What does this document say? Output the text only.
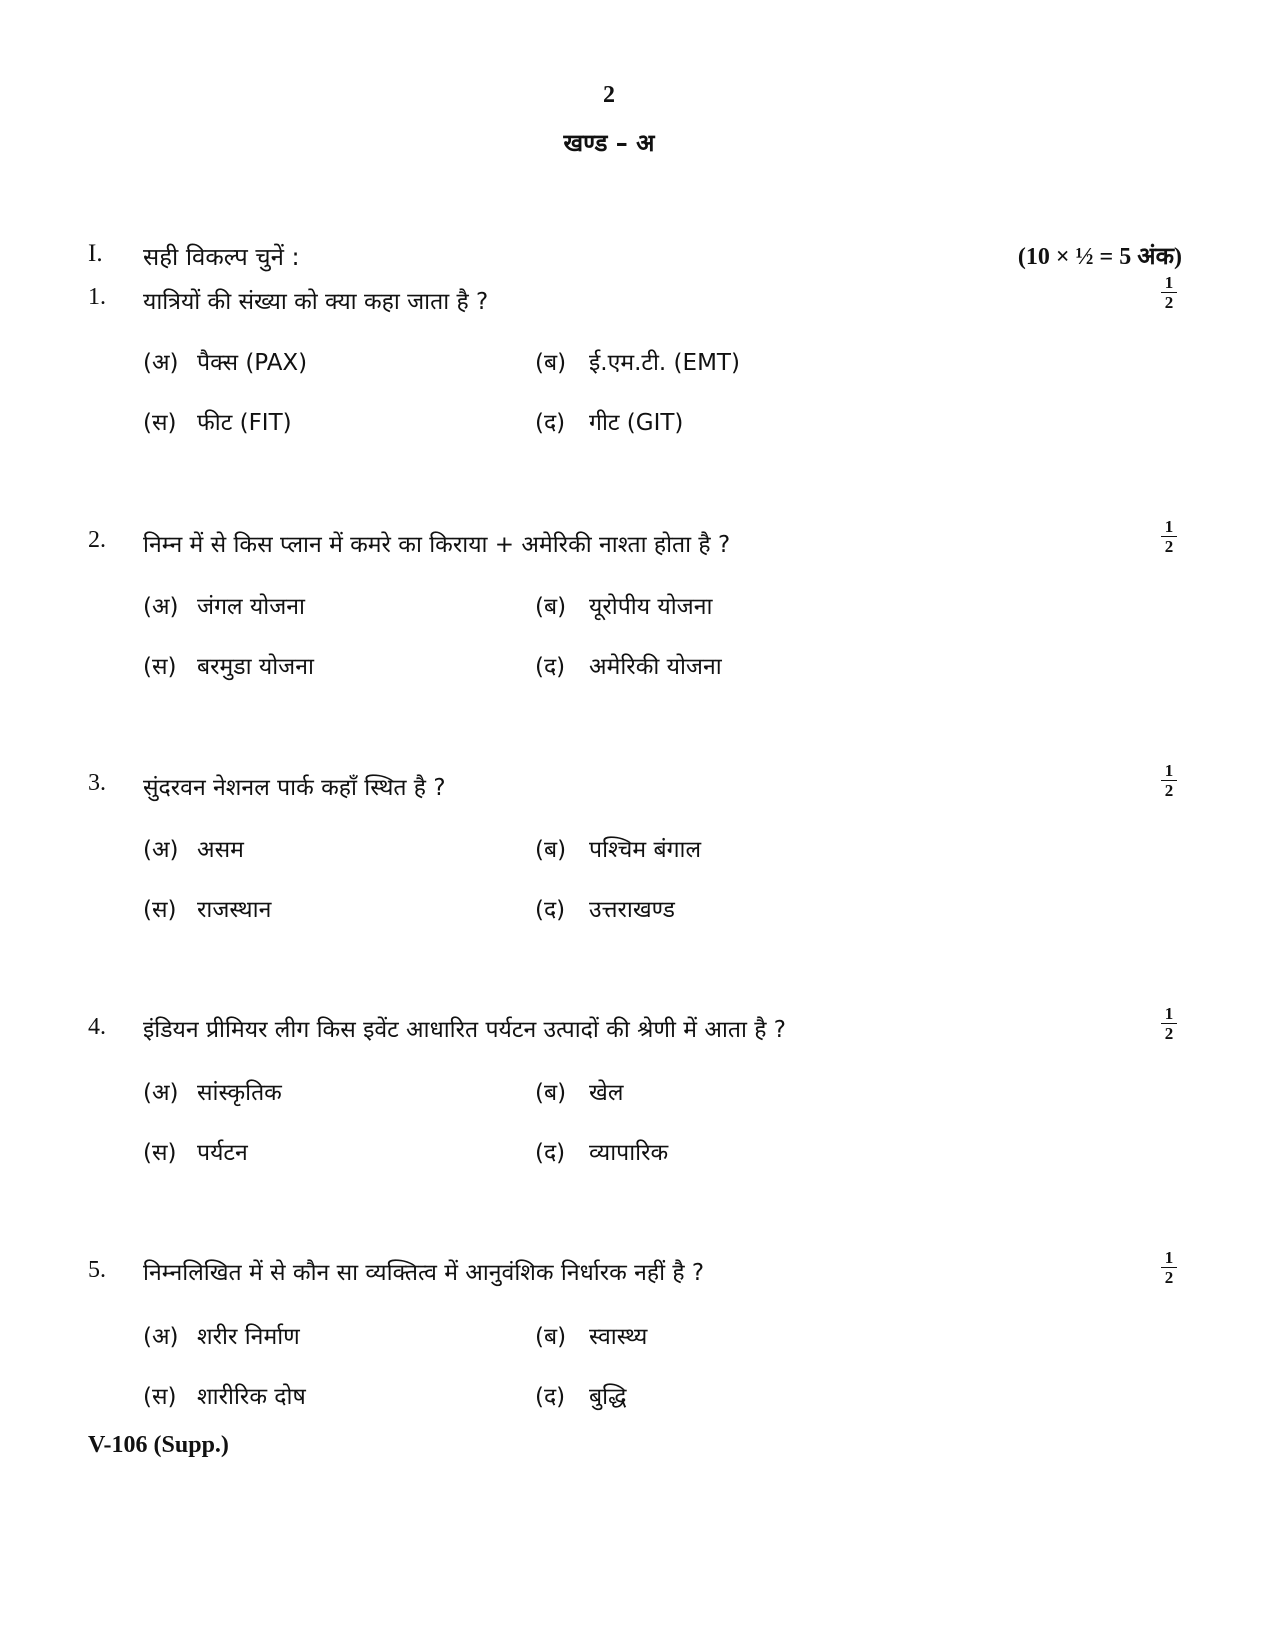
2
खण्ड – अ
I. सही विकल्प चुनें :	(10 × ½ = 5 अंक)
1. यात्रियों की संख्या को क्या कहा जाता है ?
1
2
(अ) पैक्स (PAX)	(ब) ई.एम.टी. (EMT)
(स) फीट (FIT)	(द) गीट (GIT)
2. निम्न में से किस प्लान में कमरे का किराया + अमेरिकी नाश्ता होता है ?
1
2
(अ) जंगल योजना	(ब) यूरोपीय योजना
(स) बरमुडा योजना	(द) अमेरिकी योजना
3. सुंदरवन नेशनल पार्क कहाँ स्थित है ?
1
2
(अ) असम	(ब) पश्चिम बंगाल
(स) राजस्थान	(द) उत्तराखण्ड
4. इंडियन प्रीमियर लीग किस इवेंट आधारित पर्यटन उत्पादों की श्रेणी में आता है ?
1
2
(अ) सांस्कृतिक	(ब) खेल
(स) पर्यटन	(द) व्यापारिक
5. निम्नलिखित में से कौन सा व्यक्तित्व में आनुवंशिक निर्धारक नहीं है ?
1
2
(अ) शरीर निर्माण	(ब) स्वास्थ्य
(स) शारीरिक दोष	(द) बुद्धि
V-106 (Supp.)
